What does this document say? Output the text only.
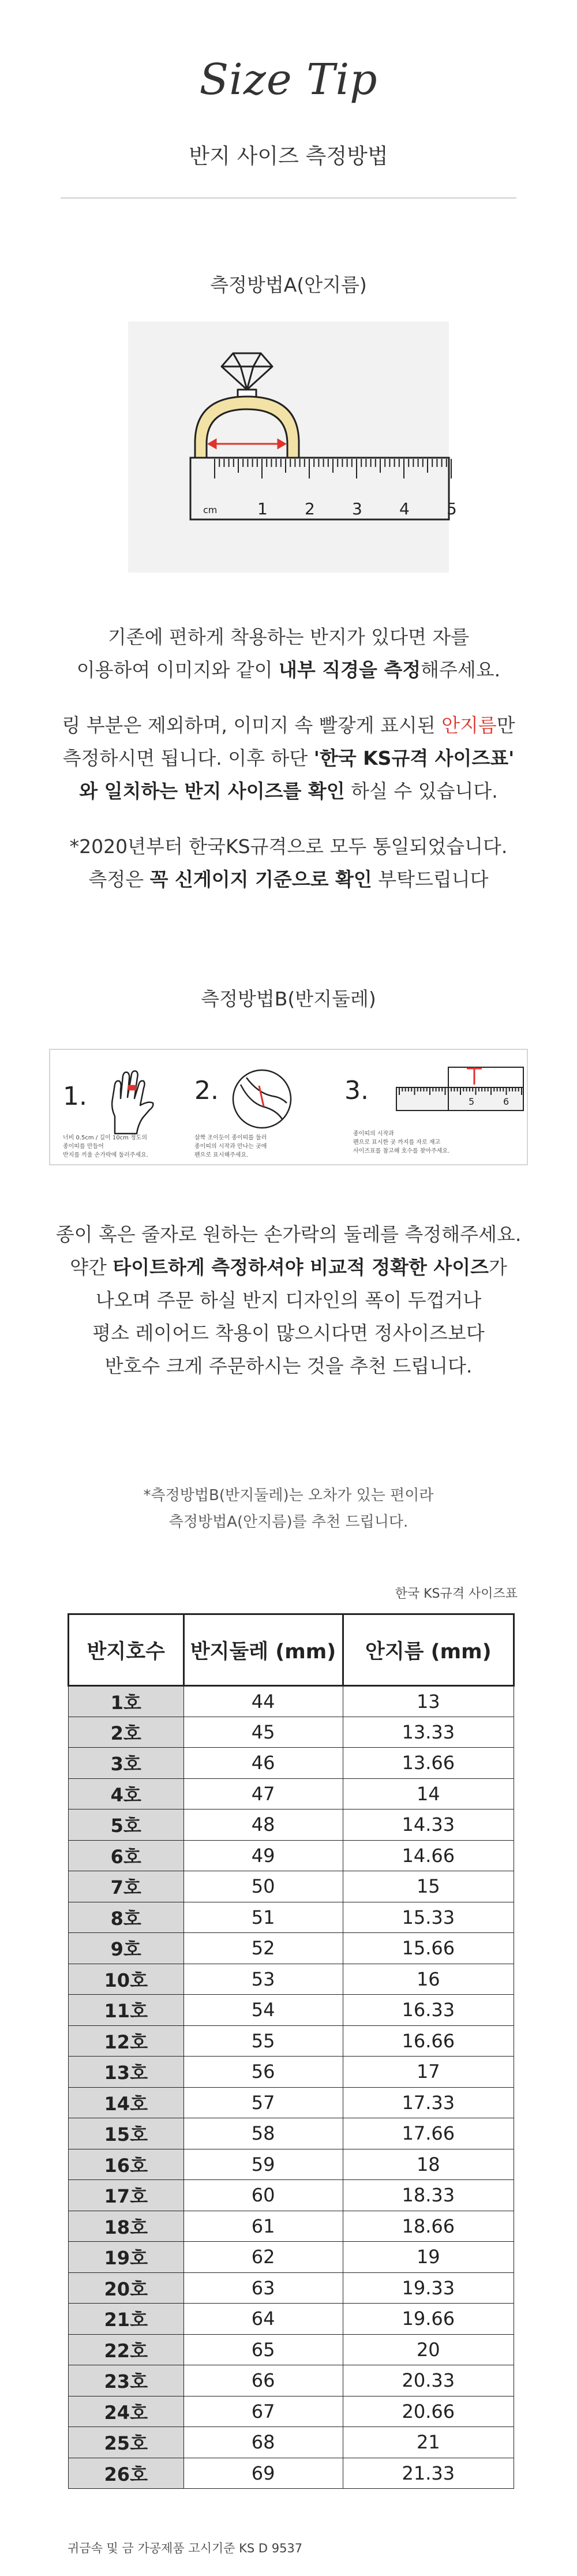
Size Tip
반지 사이즈 측정방법
측정방법A(안지름)
cm 1 2 3 4 5

기존에 편하게 착용하는 반지가 있다면 자를

이용하여 이미지와 같이 내부 직경을 측정해주세요.

링 부분은 제외하며, 이미지 속 빨갛게 표시된 안지름만

측정하시면 됩니다. 이후 하단 '한국 KS규격 사이즈표'

와 일치하는 반지 사이즈를 확인 하실 수 있습니다.

*2020년부터 한국KS규격으로 모두 통일되었습니다.

측정은 꼭 신게이지 기준으로 확인 부탁드립니다

측정방법B(반지둘레)
1.	2.	3.	5	6
너비 0.5cm / 길이 10cm 정도의
종이띠를 만들어
반지를 끼울 손가락에 둘러주세요.
살짝 조이듯이 종이띠를 둘러
종이띠의 시작과 만나는 곳에
펜으로 표시해주세요.
종이띠의 시작과
펜으로 표시한 곳 까지를 자로 재고
사이즈표를 참고해 호수를 찾아주세요.

종이 혹은 줄자로 원하는 손가락의 둘레를 측정해주세요.

약간 타이트하게 측정하셔야 비교적 정확한 사이즈가

나오며 주문 하실 반지 디자인의 폭이 두껍거나

평소 레이어드 착용이 많으시다면 정사이즈보다

반호수 크게 주문하시는 것을 추천 드립니다.

*측정방법B(반지둘레)는 오차가 있는 편이라
측정방법A(안지름)를 추천 드립니다.
한국 KS규격 사이즈표
반지호수	반지둘레 (mm)	안지름 (mm)
1호	44	13
2호	45	13.33
3호	46	13.66
4호	47	14
5호	48	14.33
6호	49	14.66
7호	50	15
8호	51	15.33
9호	52	15.66
10호	53	16
11호	54	16.33
12호	55	16.66
13호	56	17
14호	57	17.33
15호	58	17.66
16호	59	18
17호	60	18.33
18호	61	18.66
19호	62	19
20호	63	19.33
21호	64	19.66
22호	65	20
23호	66	20.33
24호	67	20.66
25호	68	21
26호	69	21.33
귀금속 및 금 가공제품 고시기준 KS D 9537
